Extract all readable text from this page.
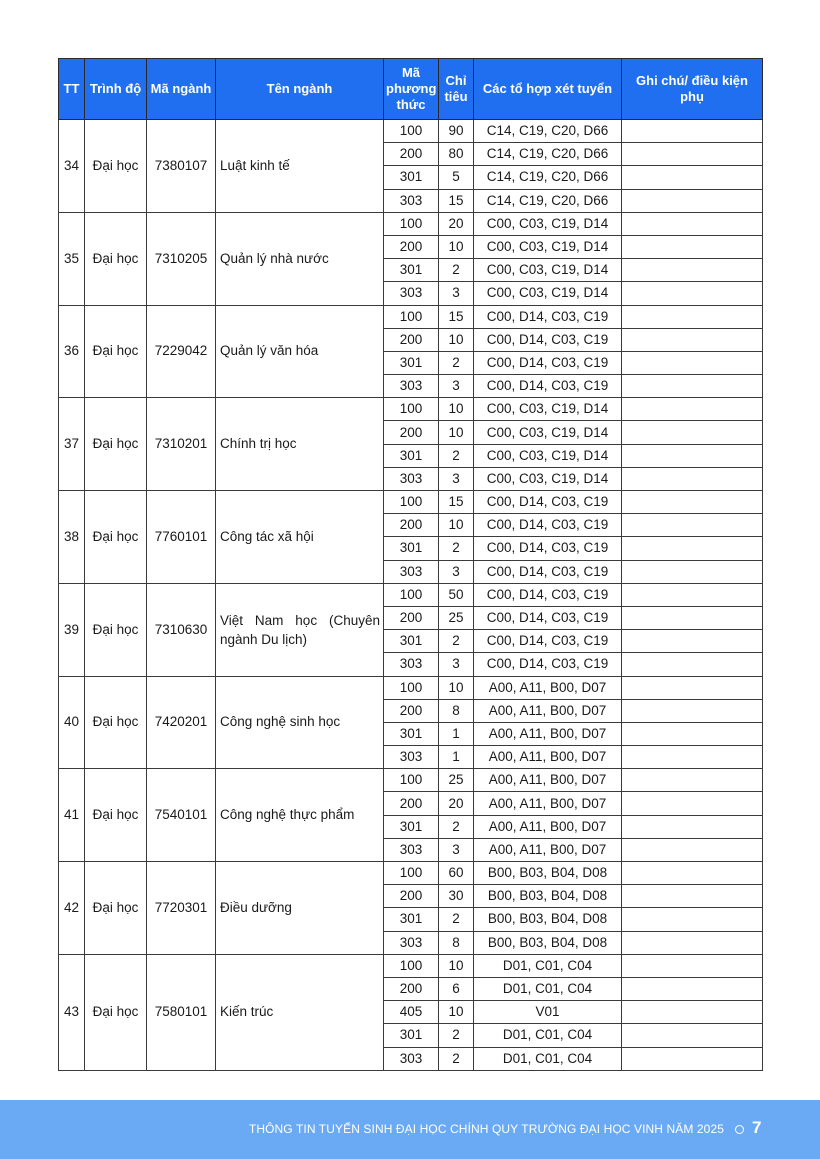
TT	Trình độ	Mã ngành	Tên ngành	Mã phương thức	Chỉ tiêu	Các tổ hợp xét tuyển	Ghi chú/ điều kiện phụ
34	Đại học	7380107	Luật kinh tế	100	90	C14, C19, C20, D66	
				200	80	C14, C19, C20, D66	
				301	5	C14, C19, C20, D66	
				303	15	C14, C19, C20, D66	
35	Đại học	7310205	Quản lý nhà nước	100	20	C00, C03, C19, D14	
				200	10	C00, C03, C19, D14	
				301	2	C00, C03, C19, D14	
				303	3	C00, C03, C19, D14	
36	Đại học	7229042	Quản lý văn hóa	100	15	C00, D14, C03, C19	
				200	10	C00, D14, C03, C19	
				301	2	C00, D14, C03, C19	
				303	3	C00, D14, C03, C19	
37	Đại học	7310201	Chính trị học	100	10	C00, C03, C19, D14	
				200	10	C00, C03, C19, D14	
				301	2	C00, C03, C19, D14	
				303	3	C00, C03, C19, D14	
38	Đại học	7760101	Công tác xã hội	100	15	C00, D14, C03, C19	
				200	10	C00, D14, C03, C19	
				301	2	C00, D14, C03, C19	
				303	3	C00, D14, C03, C19	
39	Đại học	7310630	Việt Nam học (Chuyên ngành Du lịch)	100	50	C00, D14, C03, C19	
				200	25	C00, D14, C03, C19	
				301	2	C00, D14, C03, C19	
				303	3	C00, D14, C03, C19	
40	Đại học	7420201	Công nghệ sinh học	100	10	A00, A11, B00, D07	
				200	8	A00, A11, B00, D07	
				301	1	A00, A11, B00, D07	
				303	1	A00, A11, B00, D07	
41	Đại học	7540101	Công nghệ thực phẩm	100	25	A00, A11, B00, D07	
				200	20	A00, A11, B00, D07	
				301	2	A00, A11, B00, D07	
				303	3	A00, A11, B00, D07	
42	Đại học	7720301	Điều dưỡng	100	60	B00, B03, B04, D08	
				200	30	B00, B03, B04, D08	
				301	2	B00, B03, B04, D08	
				303	8	B00, B03, B04, D08	
43	Đại học	7580101	Kiến trúc	100	10	D01, C01, C04	
				200	6	D01, C01, C04	
				405	10	V01	
				301	2	D01, C01, C04	
				303	2	D01, C01, C04	
THÔNG TIN TUYỂN SINH ĐẠI HỌC CHÍNH QUY TRƯỜNG ĐẠI HỌC VINH NĂM 2025 7
